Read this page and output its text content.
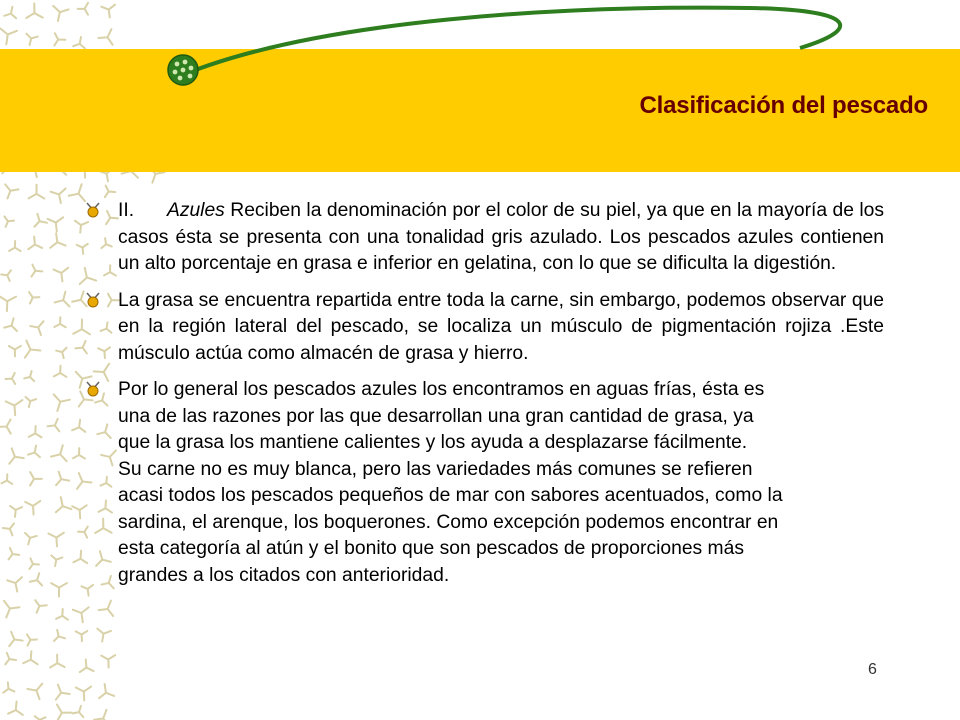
Clasificación del pescado
II. Azules Reciben la denominación por el color de su piel, ya que en la mayoría de los casos ésta se presenta con una tonalidad gris azulado. Los pescados azules contienen un alto porcentaje en grasa e inferior en gelatina, con lo que se dificulta la digestión.
La grasa se encuentra repartida entre toda la carne, sin embargo, podemos observar que en la región lateral del pescado, se localiza un músculo de pigmentación rojiza .Este músculo actúa como almacén de grasa y hierro.
Por lo general los pescados azules los encontramos en aguas frías, ésta es
una de las razones por las que desarrollan una gran cantidad de grasa, ya
que la grasa los mantiene calientes y los ayuda a desplazarse fácilmente.
Su carne no es muy blanca, pero las variedades más comunes se refieren
acasi todos los pescados pequeños de mar con sabores acentuados, como la
sardina, el arenque, los boquerones. Como excepción podemos encontrar en
esta categoría al atún y el bonito que son pescados de proporciones más
grandes a los citados con anterioridad.
6
